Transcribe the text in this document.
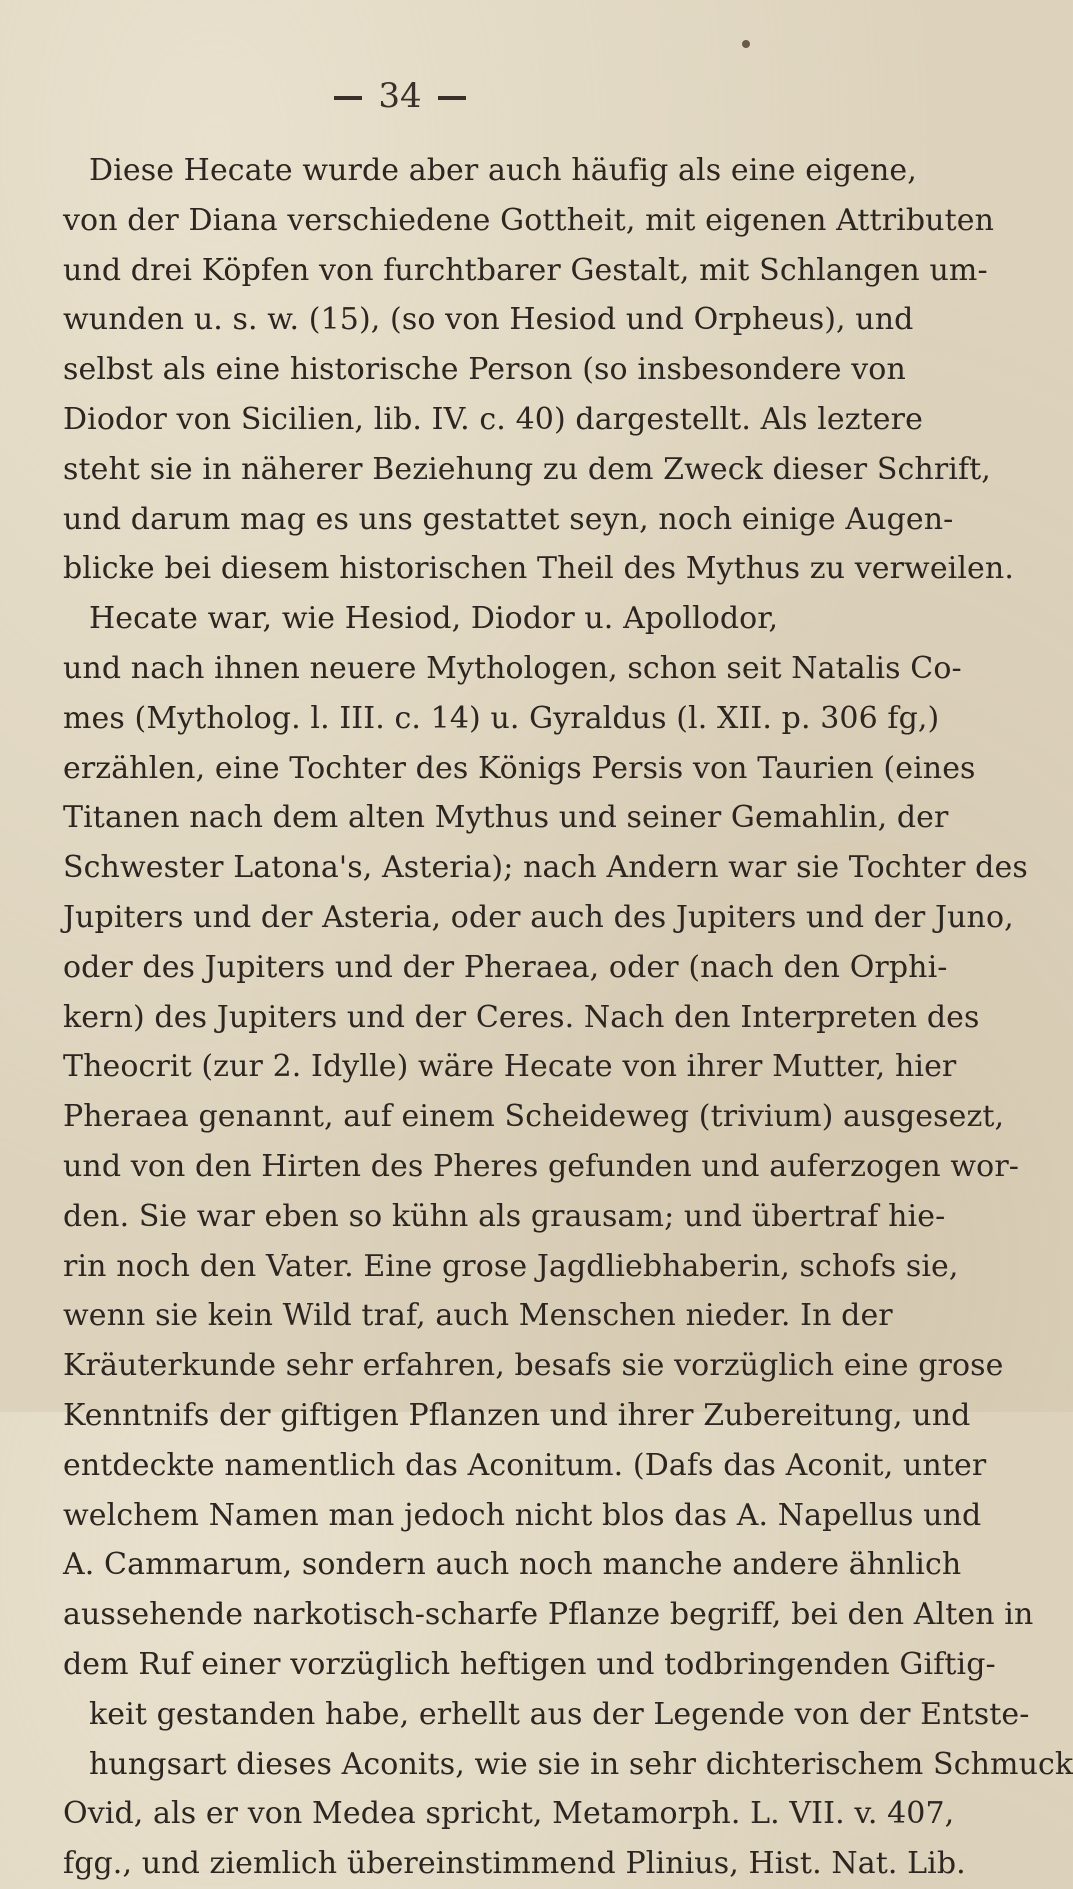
34
Diese Hecate wurde aber auch häufig als eine eigene,
von der Diana verschiedene Gottheit, mit eigenen Attributen
und drei Köpfen von furchtbarer Gestalt, mit Schlangen um-
wunden u. s. w. (15), (so von Hesiod und Orpheus), und
selbst als eine historische Person (so insbesondere von
Diodor von Sicilien, lib. IV. c. 40) dargestellt. Als leztere
steht sie in näherer Beziehung zu dem Zweck dieser Schrift,
und darum mag es uns gestattet seyn, noch einige Augen-
blicke bei diesem historischen Theil des Mythus zu verweilen.
Hecate war, wie Hesiod, Diodor u. Apollodor,
und nach ihnen neuere Mythologen, schon seit Natalis Co-
mes (Mytholog. l. III. c. 14) u. Gyraldus (l. XII. p. 306 fg,)
erzählen, eine Tochter des Königs Persis von Taurien (eines
Titanen nach dem alten Mythus und seiner Gemahlin, der
Schwester Latona's, Asteria); nach Andern war sie Tochter des
Jupiters und der Asteria, oder auch des Jupiters und der Juno,
oder des Jupiters und der Pheraea, oder (nach den Orphi-
kern) des Jupiters und der Ceres. Nach den Interpreten des
Theocrit (zur 2. Idylle) wäre Hecate von ihrer Mutter, hier
Pheraea genannt, auf einem Scheideweg (trivium) ausgesezt,
und von den Hirten des Pheres gefunden und auferzogen wor-
den. Sie war eben so kühn als grausam; und übertraf hie-
rin noch den Vater. Eine grose Jagdliebhaberin, schofs sie,
wenn sie kein Wild traf, auch Menschen nieder. In der
Kräuterkunde sehr erfahren, besafs sie vorzüglich eine grose
Kenntnifs der giftigen Pflanzen und ihrer Zubereitung, und
entdeckte namentlich das Aconitum. (Dafs das Aconit, unter
welchem Namen man jedoch nicht blos das A. Napellus und
A. Cammarum, sondern auch noch manche andere ähnlich
aussehende narkotisch-scharfe Pflanze begriff, bei den Alten in
dem Ruf einer vorzüglich heftigen und todbringenden Giftig-
keit gestanden habe, erhellt aus der Legende von der Entste-
hungsart dieses Aconits, wie sie in sehr dichterischem Schmuck
Ovid, als er von Medea spricht, Metamorph. L. VII. v. 407,
fgg., und ziemlich übereinstimmend Plinius, Hist. Nat. Lib.
